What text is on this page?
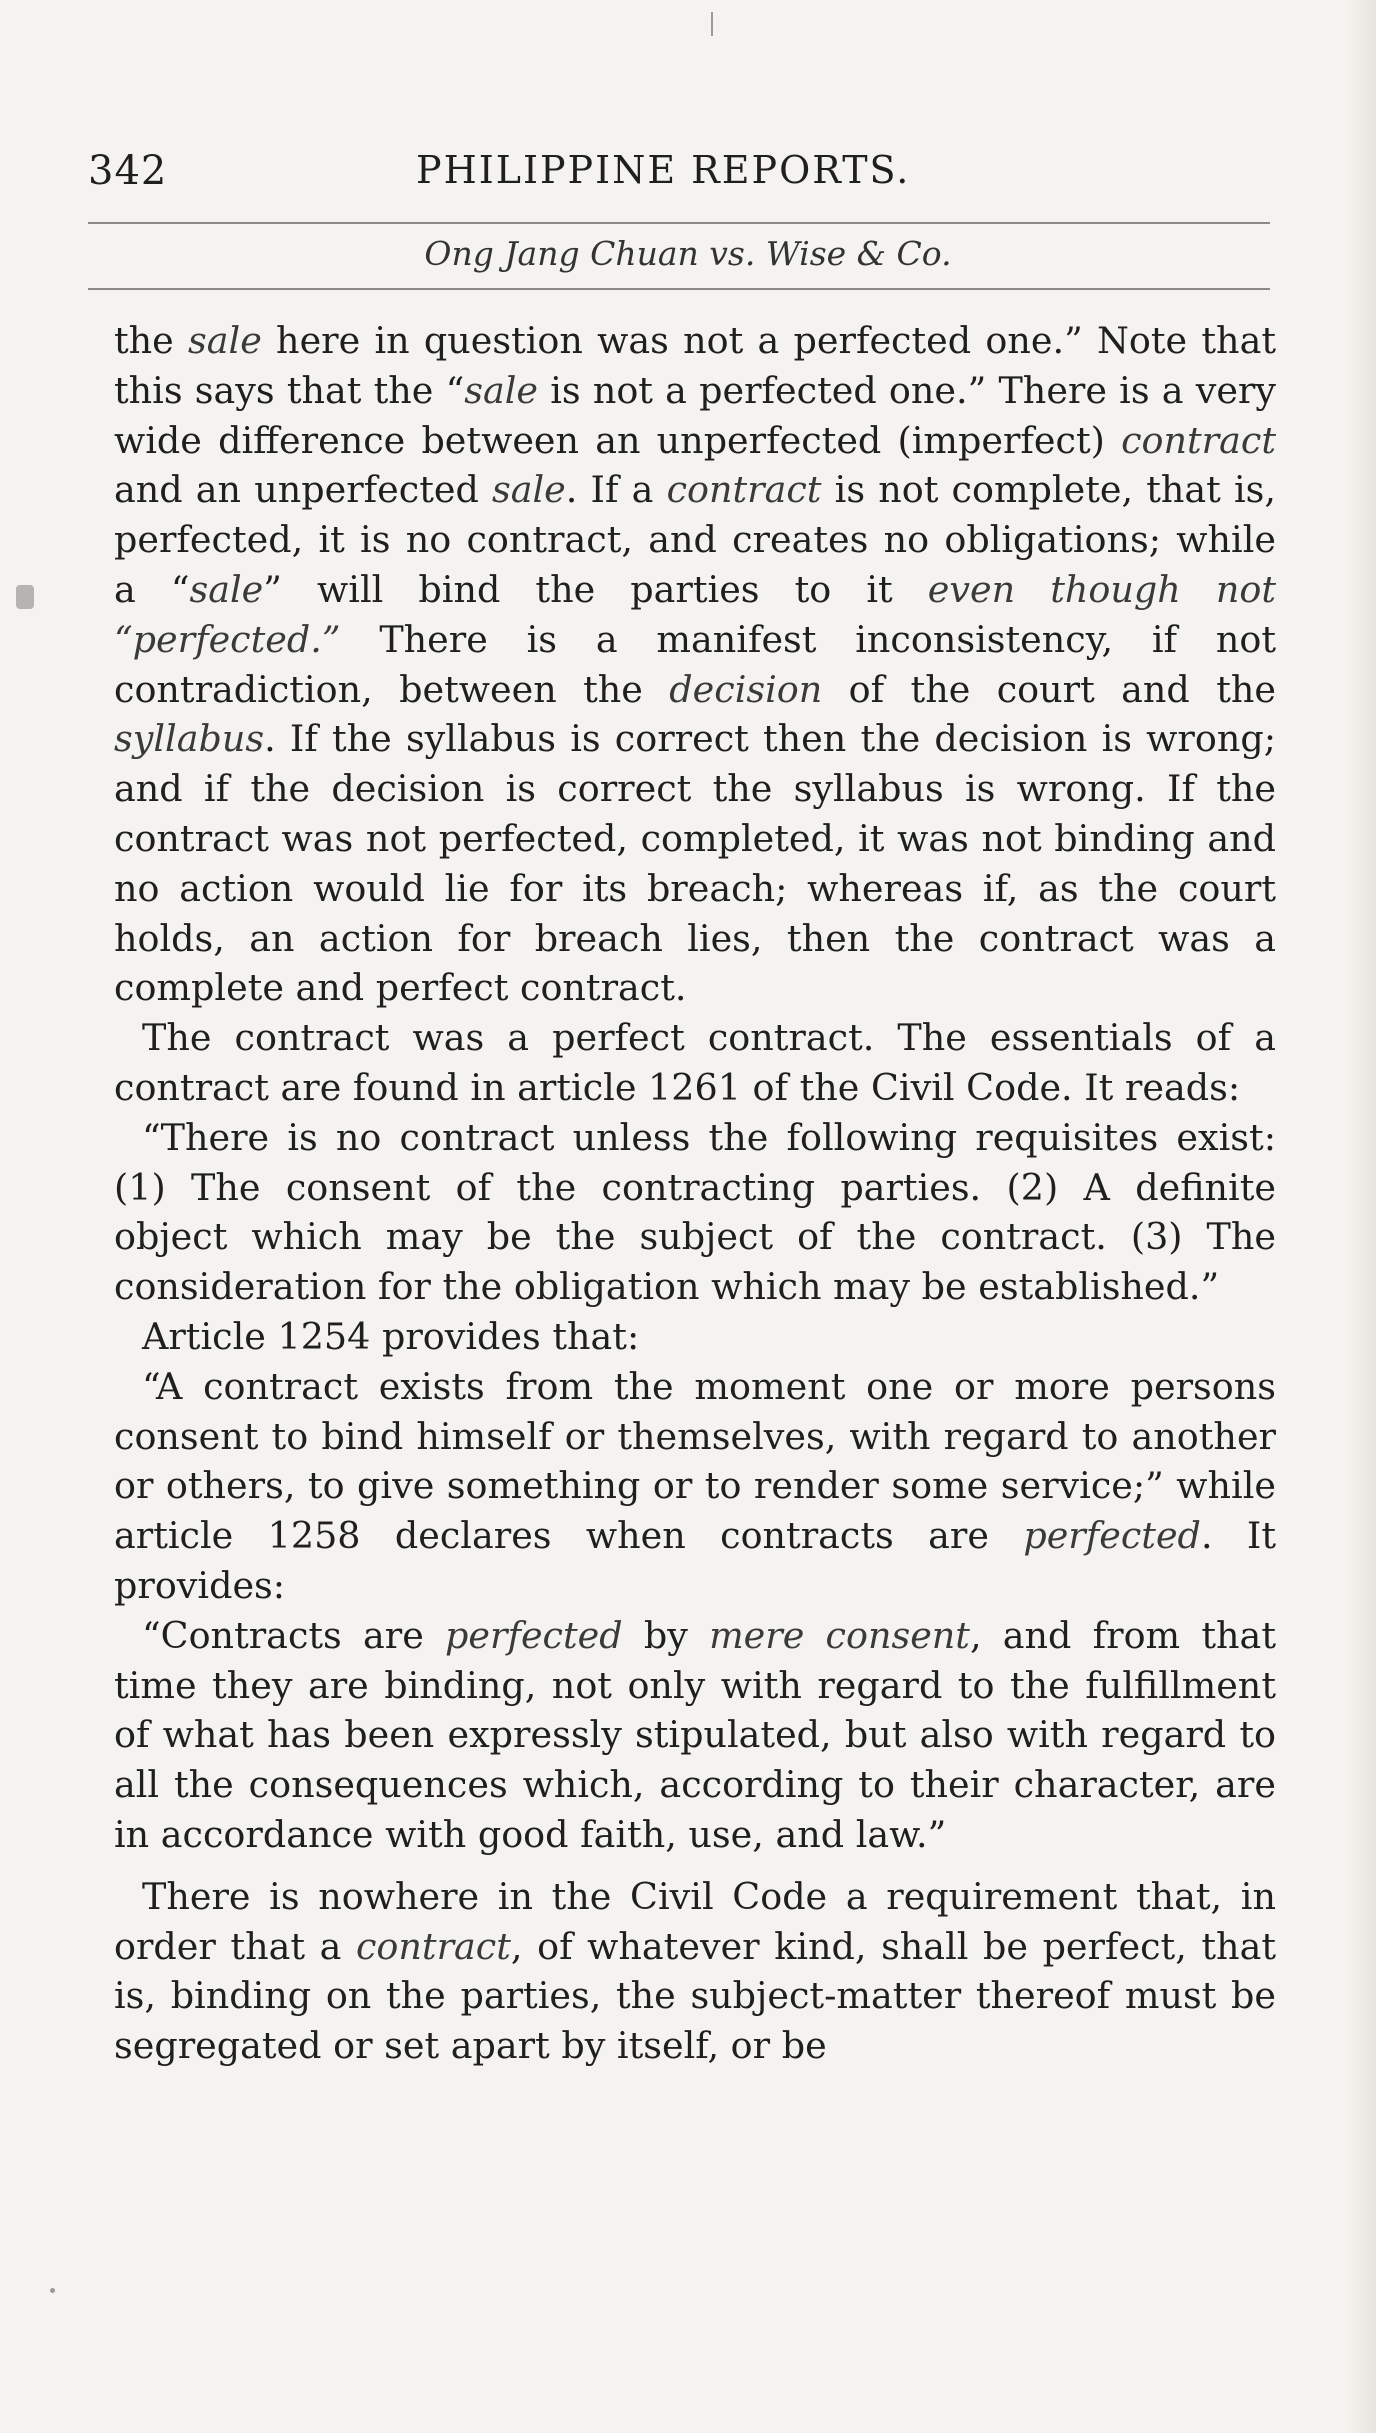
342	PHILIPPINE REPORTS.
Ong Jang Chuan vs. Wise & Co.

the sale here in question was not a perfected one.” Note that this says that the “sale is not a perfected one.” There is a very wide difference between an unperfected (imperfect) contract and an unperfected sale. If a contract is not complete, that is, perfected, it is no contract, and creates no obligations; while a “sale” will bind the parties to it even though not “perfected.” There is a manifest inconsistency, if not contradiction, between the decision of the court and the syllabus. If the syllabus is correct then the decision is wrong; and if the decision is correct the syllabus is wrong. If the contract was not perfected, completed, it was not binding and no action would lie for its breach; whereas if, as the court holds, an action for breach lies, then the contract was a complete and perfect contract.

The contract was a perfect contract. The essentials of a contract are found in article 1261 of the Civil Code. It reads:

“There is no contract unless the following requisites exist: (1) The consent of the contracting parties. (2) A definite object which may be the subject of the contract. (3) The consideration for the obligation which may be established.”

Article 1254 provides that:

“A contract exists from the moment one or more persons consent to bind himself or themselves, with regard to another or others, to give something or to render some service;” while article 1258 declares when contracts are perfected. It provides:

“Contracts are perfected by mere consent, and from that time they are binding, not only with regard to the fulfillment of what has been expressly stipulated, but also with regard to all the consequences which, according to their character, are in accordance with good faith, use, and law.”

There is nowhere in the Civil Code a requirement that, in order that a contract, of whatever kind, shall be perfect, that is, binding on the parties, the subject-matter thereof must be segregated or set apart by itself, or be
